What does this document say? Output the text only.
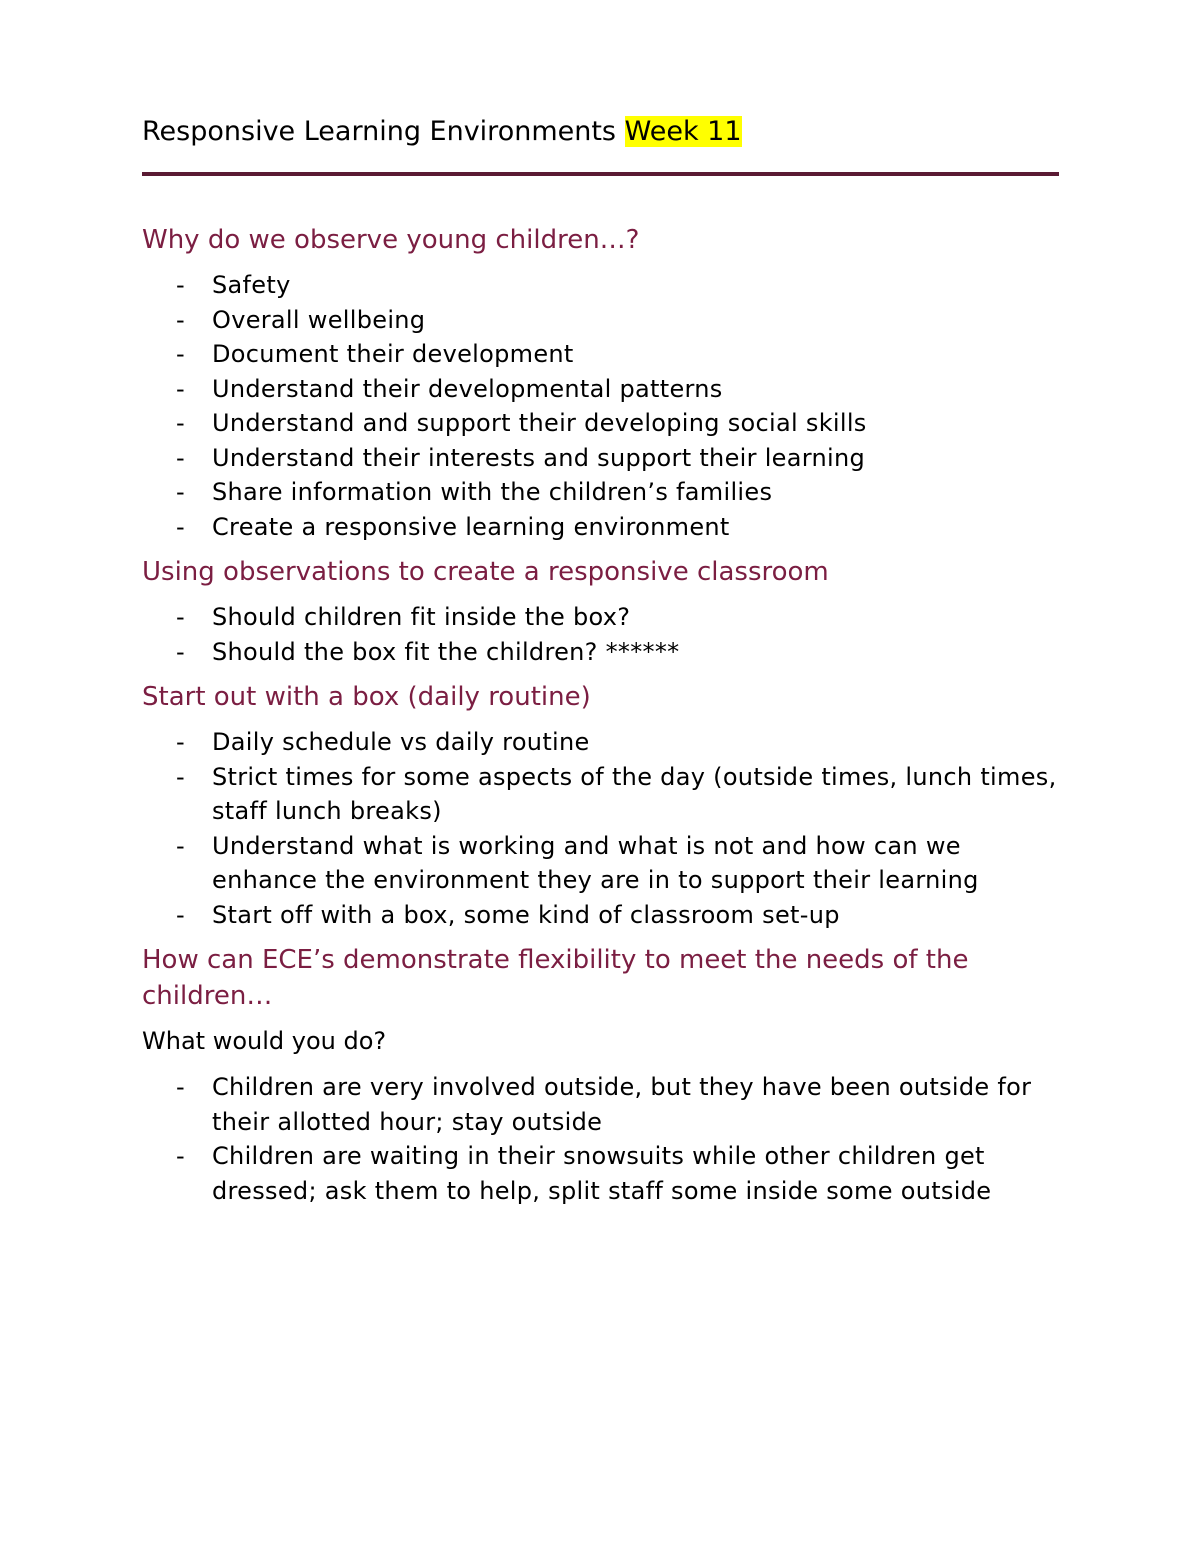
Responsive Learning Environments Week 11
Why do we observe young children…?
- Safety
- Overall wellbeing
- Document their development
- Understand their developmental patterns
- Understand and support their developing social skills
- Understand their interests and support their learning
- Share information with the children’s families
- Create a responsive learning environment
Using observations to create a responsive classroom
- Should children fit inside the box?
- Should the box fit the children? ******
Start out with a box (daily routine)
- Daily schedule vs daily routine
- Strict times for some aspects of the day (outside times, lunch times, staff lunch breaks)
- Understand what is working and what is not and how can we enhance the environment they are in to support their learning
- Start off with a box, some kind of classroom set-up
How can ECE’s demonstrate flexibility to meet the needs of the children…

What would you do?

- Children are very involved outside, but they have been outside for their allotted hour; stay outside
- Children are waiting in their snowsuits while other children get dressed; ask them to help, split staff some inside some outside
